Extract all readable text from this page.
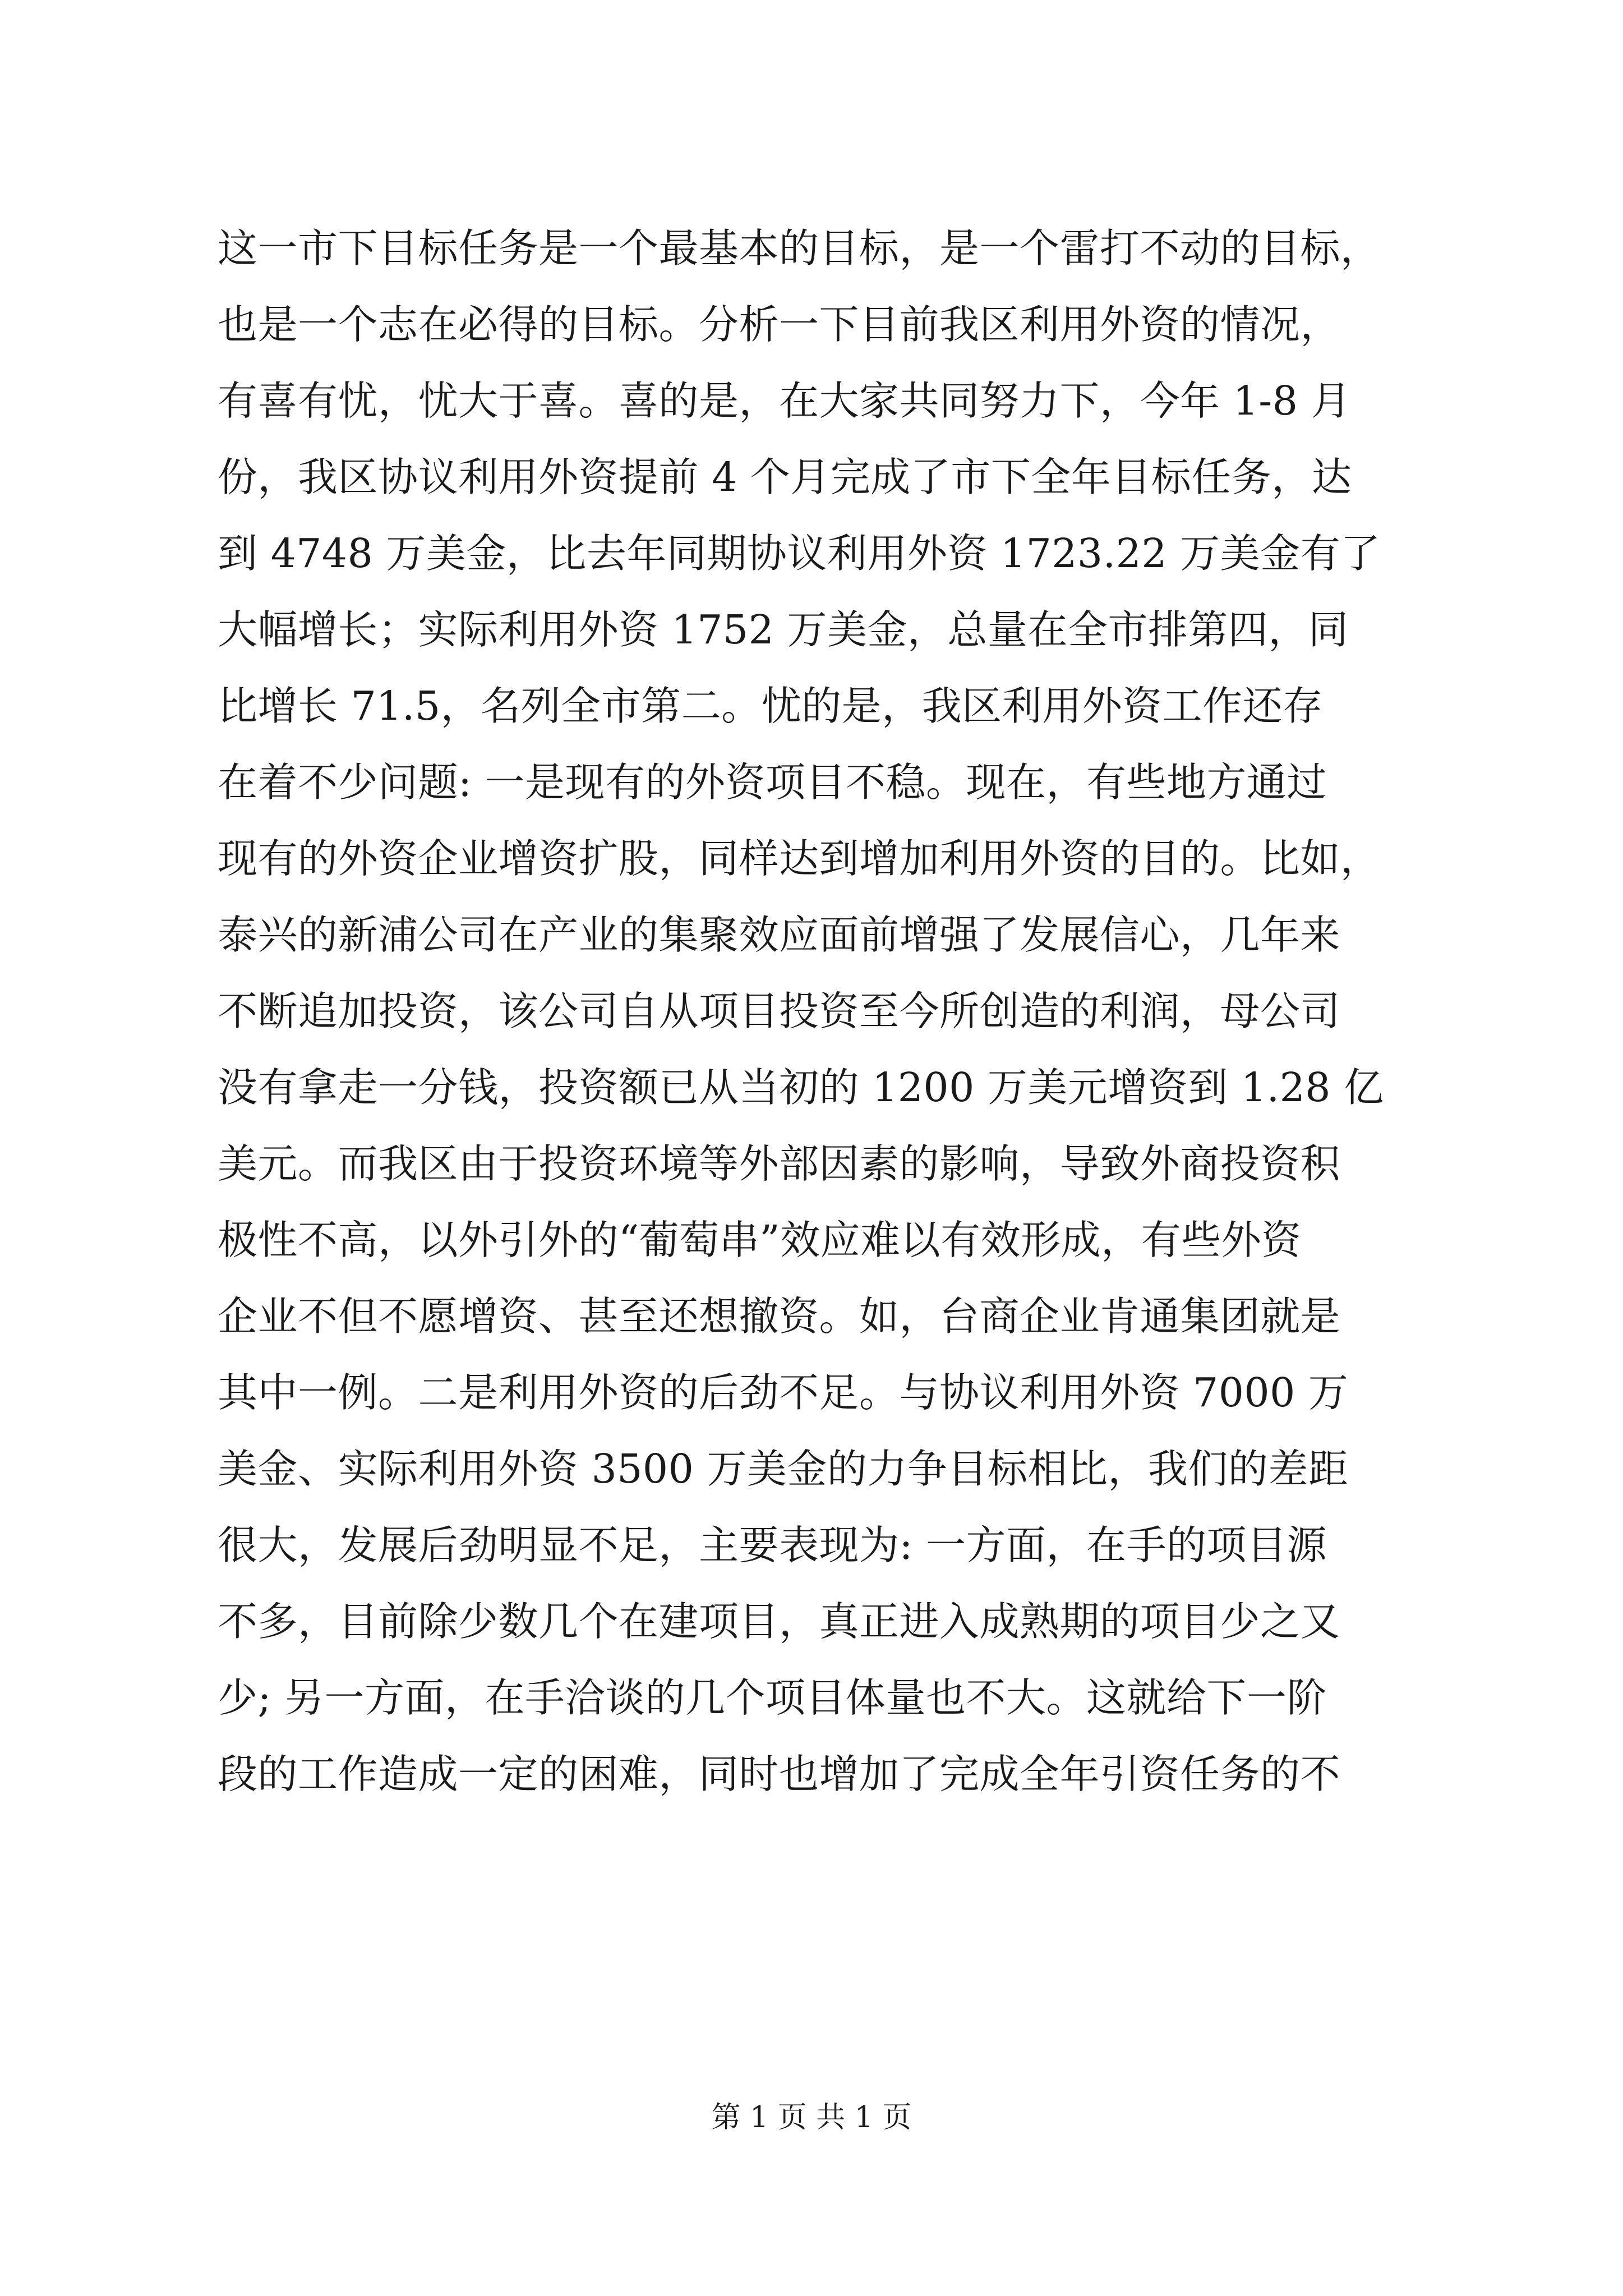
这一市下目标任务是一个最基本的目标，是一个雷打不动的目标，
也是一个志在必得的目标。分析一下目前我区利用外资的情况，
有喜有忧，忧大于喜。喜的是，在大家共同努力下，今年 1-8 月
份，我区协议利用外资提前 4 个月完成了市下全年目标任务，达
到 4748 万美金，比去年同期协议利用外资 1723.22 万美金有了
大幅增长；实际利用外资 1752 万美金，总量在全市排第四，同
比增长 71.5，名列全市第二。忧的是，我区利用外资工作还存
在着不少问题: 一是现有的外资项目不稳。现在，有些地方通过
现有的外资企业增资扩股，同样达到增加利用外资的目的。比如，
泰兴的新浦公司在产业的集聚效应面前增强了发展信心，几年来
不断追加投资，该公司自从项目投资至今所创造的利润，母公司
没有拿走一分钱，投资额已从当初的 1200 万美元增资到 1.28 亿
美元。而我区由于投资环境等外部因素的影响，导致外商投资积
极性不高，以外引外的“葡萄串”效应难以有效形成，有些外资
企业不但不愿增资、甚至还想撤资。如，台商企业肯通集团就是
其中一例。二是利用外资的后劲不足。与协议利用外资 7000 万
美金、实际利用外资 3500 万美金的力争目标相比，我们的差距
很大，发展后劲明显不足，主要表现为: 一方面，在手的项目源
不多，目前除少数几个在建项目，真正进入成熟期的项目少之又
少; 另一方面，在手洽谈的几个项目体量也不大。这就给下一阶
段的工作造成一定的困难，同时也增加了完成全年引资任务的不
第 1 页 共 1 页
